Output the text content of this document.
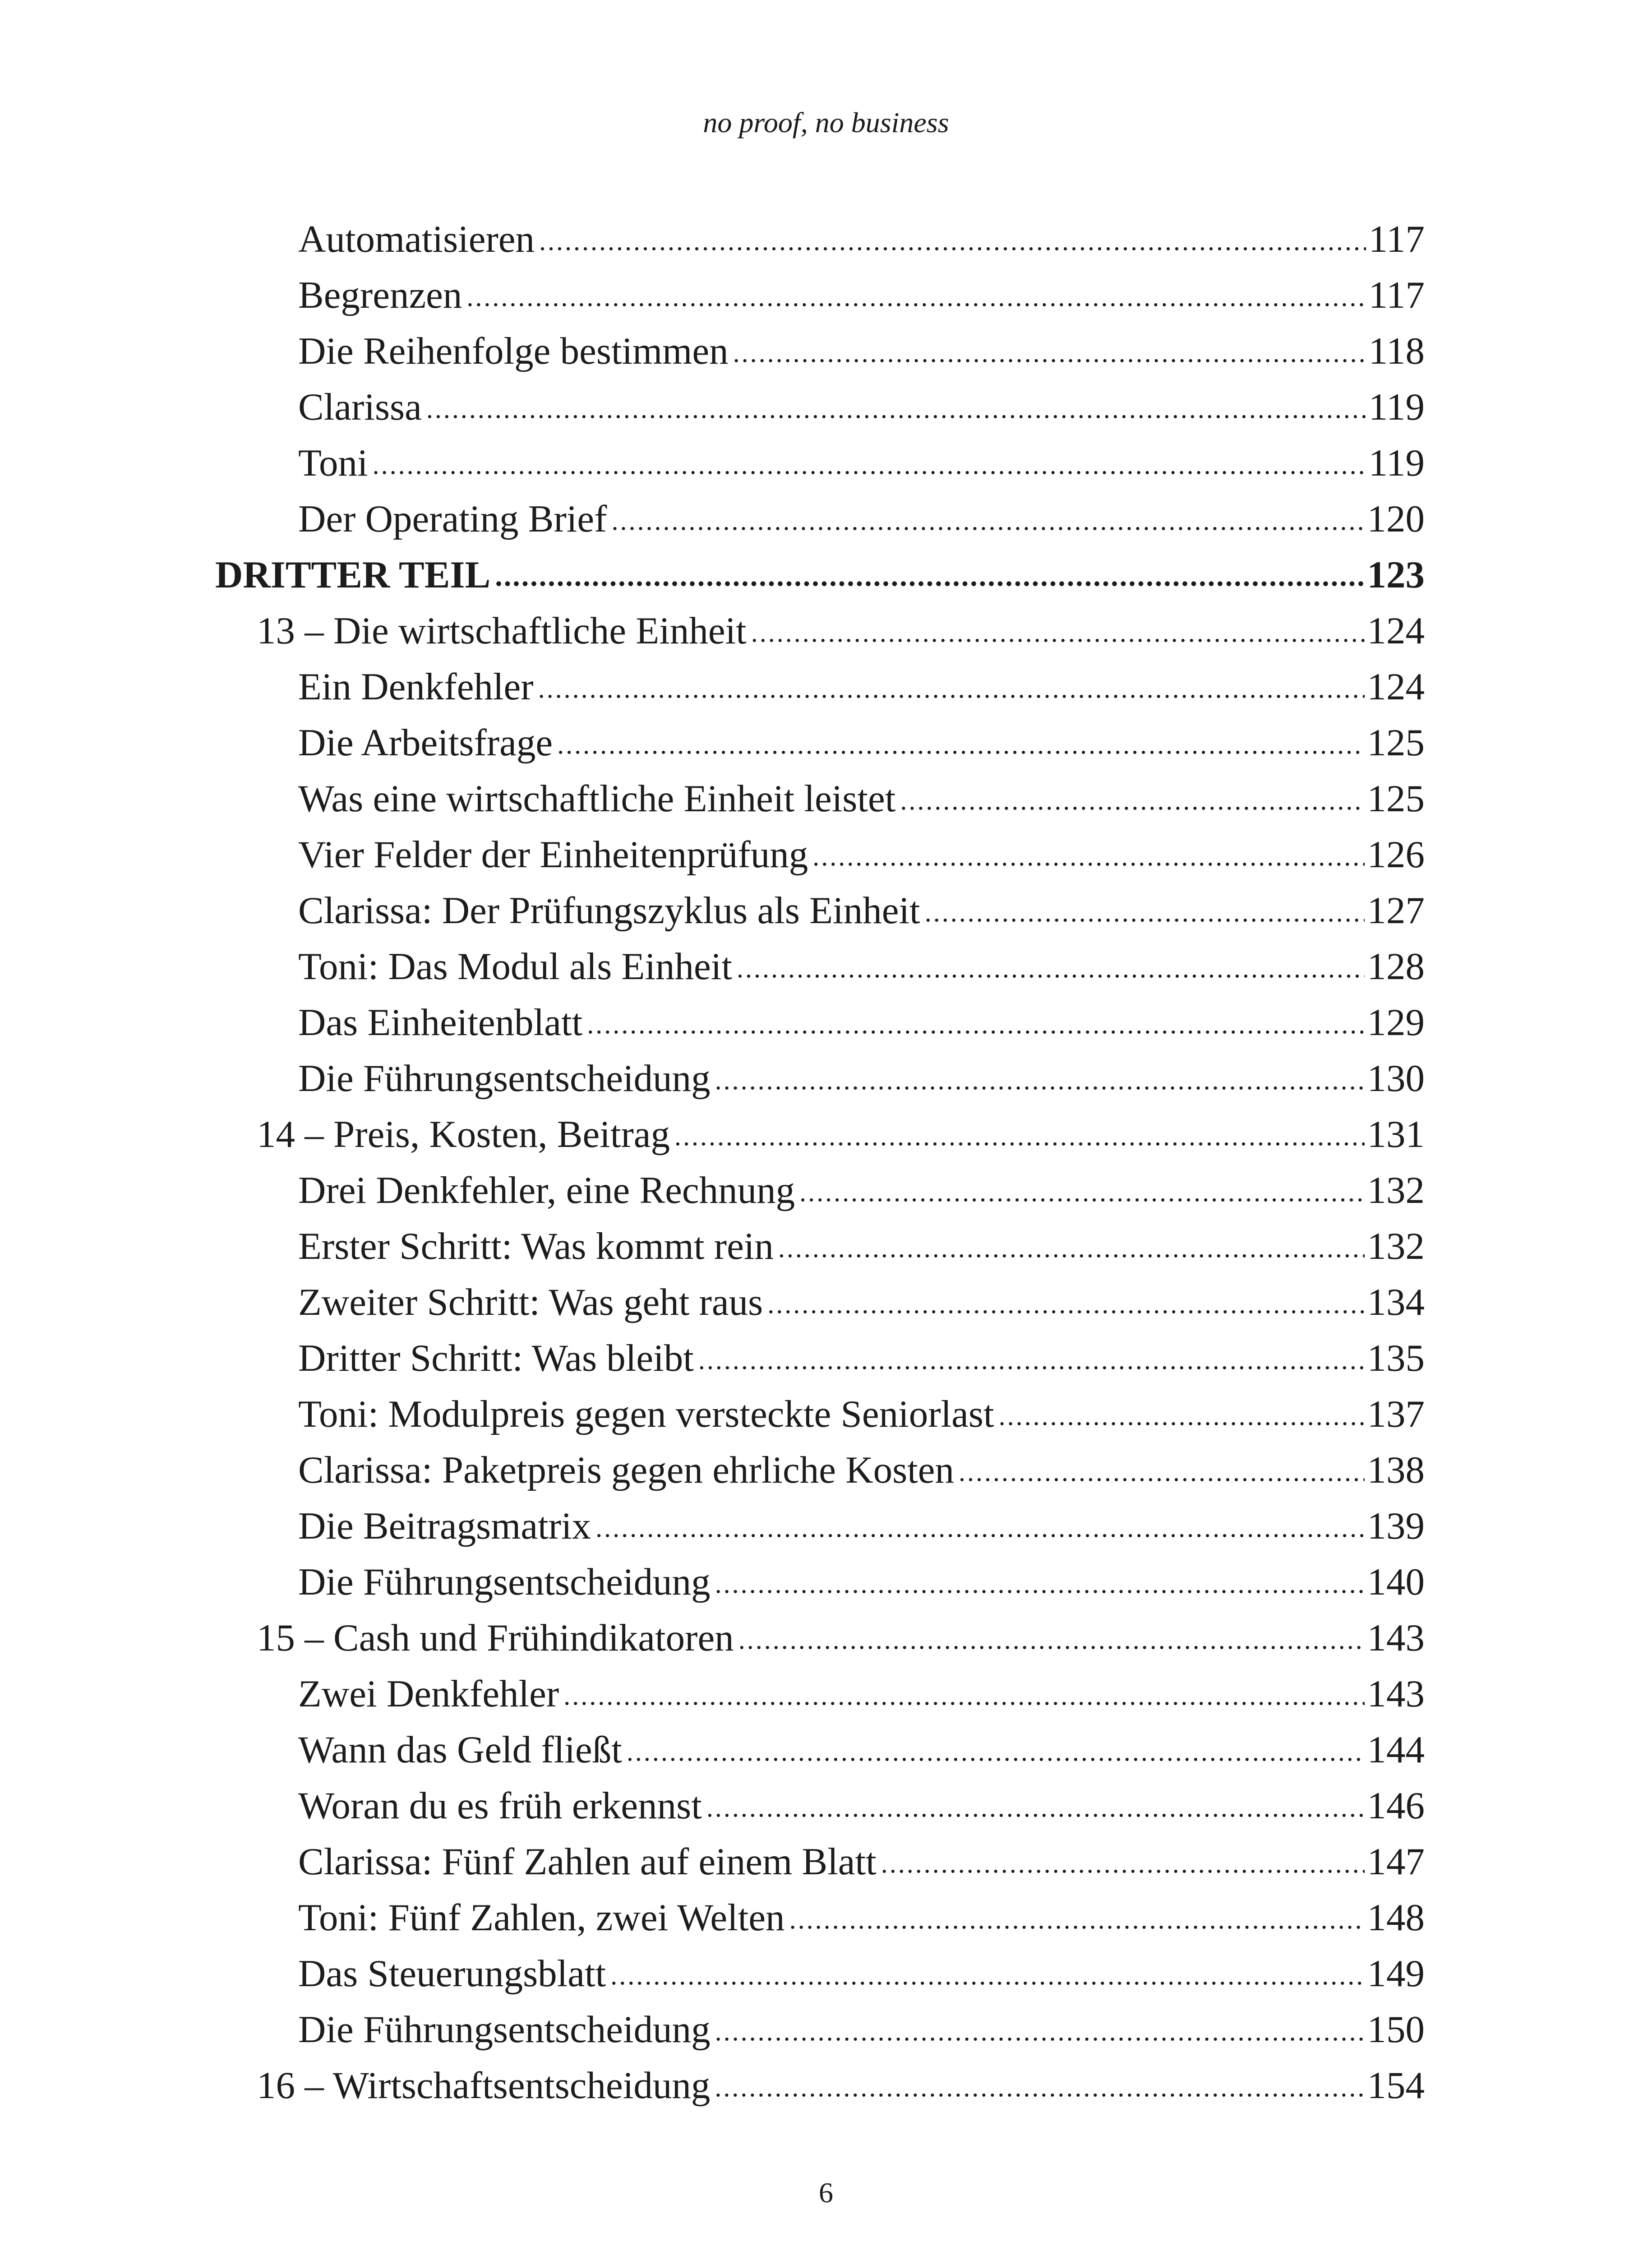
no proof, no business
Automatisieren .....	117
Begrenzen .....	117
Die Reihenfolge bestimmen .....	118
Clarissa .....	119
Toni .....	119
Der Operating Brief .....	120
DRITTER TEIL .....	123
13 – Die wirtschaftliche Einheit .....	124
Ein Denkfehler .....	124
Die Arbeitsfrage .....	125
Was eine wirtschaftliche Einheit leistet .....	125
Vier Felder der Einheitenprüfung .....	126
Clarissa: Der Prüfungszyklus als Einheit .....	127
Toni: Das Modul als Einheit .....	128
Das Einheitenblatt .....	129
Die Führungsentscheidung .....	130
14 – Preis, Kosten, Beitrag .....	131
Drei Denkfehler, eine Rechnung .....	132
Erster Schritt: Was kommt rein .....	132
Zweiter Schritt: Was geht raus .....	134
Dritter Schritt: Was bleibt .....	135
Toni: Modulpreis gegen versteckte Seniorlast .....	137
Clarissa: Paketpreis gegen ehrliche Kosten .....	138
Die Beitragsmatrix .....	139
Die Führungsentscheidung .....	140
15 – Cash und Frühindikatoren .....	143
Zwei Denkfehler .....	143
Wann das Geld fließt .....	144
Woran du es früh erkennst .....	146
Clarissa: Fünf Zahlen auf einem Blatt .....	147
Toni: Fünf Zahlen, zwei Welten .....	148
Das Steuerungsblatt .....	149
Die Führungsentscheidung .....	150
16 – Wirtschaftsentscheidung .....	154
6
